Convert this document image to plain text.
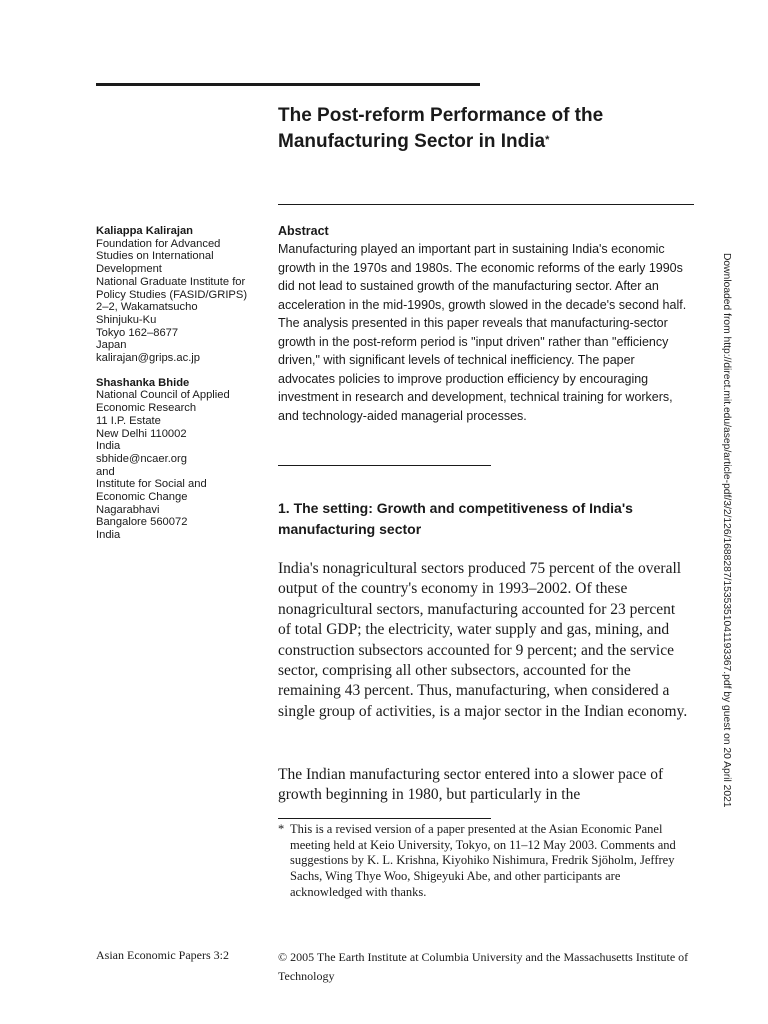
The Post-reform Performance of the Manufacturing Sector in India*
Kaliappa Kalirajan
Foundation for Advanced
Studies on International
Development
National Graduate Institute for
Policy Studies (FASID/GRIPS)
2–2, Wakamatsucho
Shinjuku-Ku
Tokyo 162–8677
Japan
kalirajan@grips.ac.jp
Shashanka Bhide
National Council of Applied
Economic Research
11 I.P. Estate
New Delhi 110002
India
sbhide@ncaer.org
and
Institute for Social and
Economic Change
Nagarabhavi
Bangalore 560072
India
Abstract
Manufacturing played an important part in sustaining India's economic growth in the 1970s and 1980s. The economic reforms of the early 1990s did not lead to sustained growth of the manufacturing sector. After an acceleration in the mid-1990s, growth slowed in the decade's second half. The analysis presented in this paper reveals that manufacturing-sector growth in the post-reform period is "input driven" rather than "efficiency driven," with significant levels of technical inefficiency. The paper advocates policies to improve production efficiency by encouraging investment in research and development, technical training for workers, and technology-aided managerial processes.
1. The setting: Growth and competitiveness of India's manufacturing sector
India's nonagricultural sectors produced 75 percent of the overall output of the country's economy in 1993–2002. Of these nonagricultural sectors, manufacturing accounted for 23 percent of total GDP; the electricity, water supply and gas, mining, and construction subsectors accounted for 9 percent; and the service sector, comprising all other subsectors, accounted for the remaining 43 percent. Thus, manufacturing, when considered a single group of activities, is a major sector in the Indian economy.
The Indian manufacturing sector entered into a slower pace of growth beginning in 1980, but particularly in the
* This is a revised version of a paper presented at the Asian Economic Panel meeting held at Keio University, Tokyo, on 11–12 May 2003. Comments and suggestions by K. L. Krishna, Kiyohiko Nishimura, Fredrik Sjöholm, Jeffrey Sachs, Wing Thye Woo, Shigeyuki Abe, and other participants are acknowledged with thanks.
Asian Economic Papers 3:2	© 2005 The Earth Institute at Columbia University and the Massachusetts Institute of Technology
Downloaded from http://direct.mit.edu/asep/article-pdf/3/2/126/1688287/1535351041193367.pdf by guest on 20 April 2021
